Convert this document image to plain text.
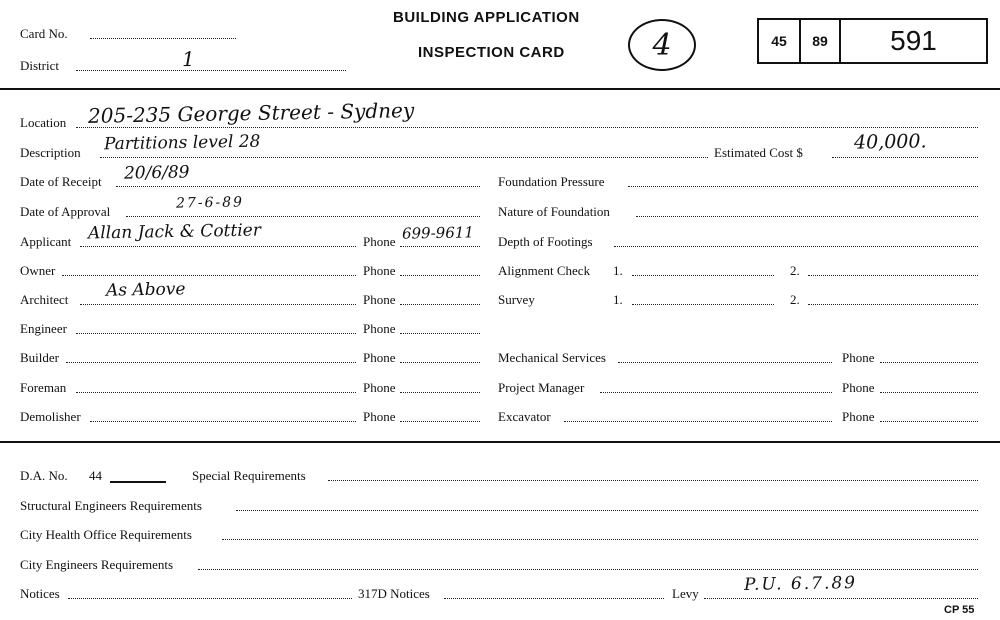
Card No.
District	1
BUILDING APPLICATION
INSPECTION CARD	4	45 89 591
Location 205-235 George Street - Sydney
Description Partitions level 28	Estimated Cost $	40,000.
Date of Receipt 20/6/89
Date of Approval	27-6-89
Applicant Allan Jack & Cottier	Phone 699-9611
Owner	Phone
Architect As Above	Phone
Engineer	Phone
Builder	Phone
Foreman	Phone
Demolisher	Phone
Foundation Pressure
Nature of Foundation
Depth of Footings
Alignment Check 1.	2.
Survey	1.	2.
Mechanical Services	Phone
Project Manager	Phone
Excavator	Phone
D.A. No. 44	Special Requirements
Structural Engineers Requirements
City Health Office Requirements
City Engineers Requirements
Notices	317D Notices	Levy	P.U. 6.7.89
CP 55
